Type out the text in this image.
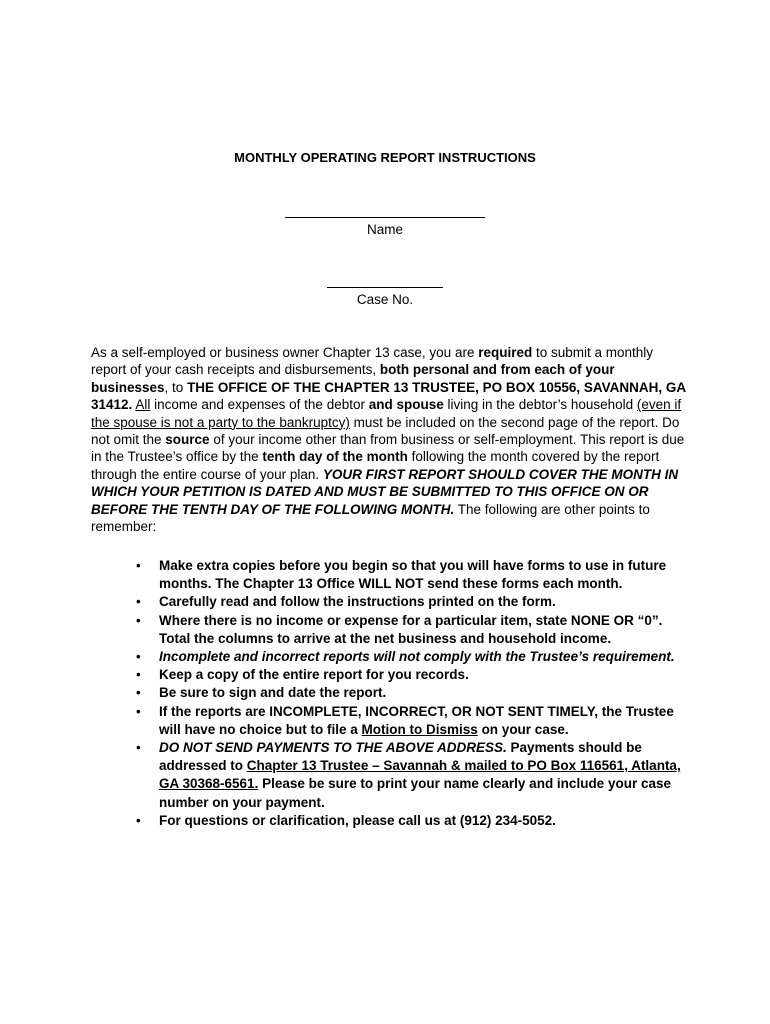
MONTHLY OPERATING REPORT INSTRUCTIONS
Name
Case No.

As a self-employed or business owner Chapter 13 case, you are required to submit a monthly report of your cash receipts and disbursements, both personal and from each of your businesses, to THE OFFICE OF THE CHAPTER 13 TRUSTEE, PO BOX 10556, SAVANNAH, GA 31412. All income and expenses of the debtor and spouse living in the debtor’s household (even if the spouse is not a party to the bankruptcy) must be included on the second page of the report. Do not omit the source of your income other than from business or self-employment. This report is due in the Trustee’s office by the tenth day of the month following the month covered by the report through the entire course of your plan. YOUR FIRST REPORT SHOULD COVER THE MONTH IN WHICH YOUR PETITION IS DATED AND MUST BE SUBMITTED TO THIS OFFICE ON OR BEFORE THE TENTH DAY OF THE FOLLOWING MONTH. The following are other points to remember:

• Make extra copies before you begin so that you will have forms to use in future months. The Chapter 13 Office WILL NOT send these forms each month.
• Carefully read and follow the instructions printed on the form.
• Where there is no income or expense for a particular item, state NONE OR “0”. Total the columns to arrive at the net business and household income.
• Incomplete and incorrect reports will not comply with the Trustee’s requirement.
• Keep a copy of the entire report for you records.
• Be sure to sign and date the report.
• If the reports are INCOMPLETE, INCORRECT, OR NOT SENT TIMELY, the Trustee will have no choice but to file a Motion to Dismiss on your case.
• DO NOT SEND PAYMENTS TO THE ABOVE ADDRESS. Payments should be addressed to Chapter 13 Trustee – Savannah & mailed to PO Box 116561, Atlanta, GA 30368-6561. Please be sure to print your name clearly and include your case number on your payment.
• For questions or clarification, please call us at (912) 234-5052.
